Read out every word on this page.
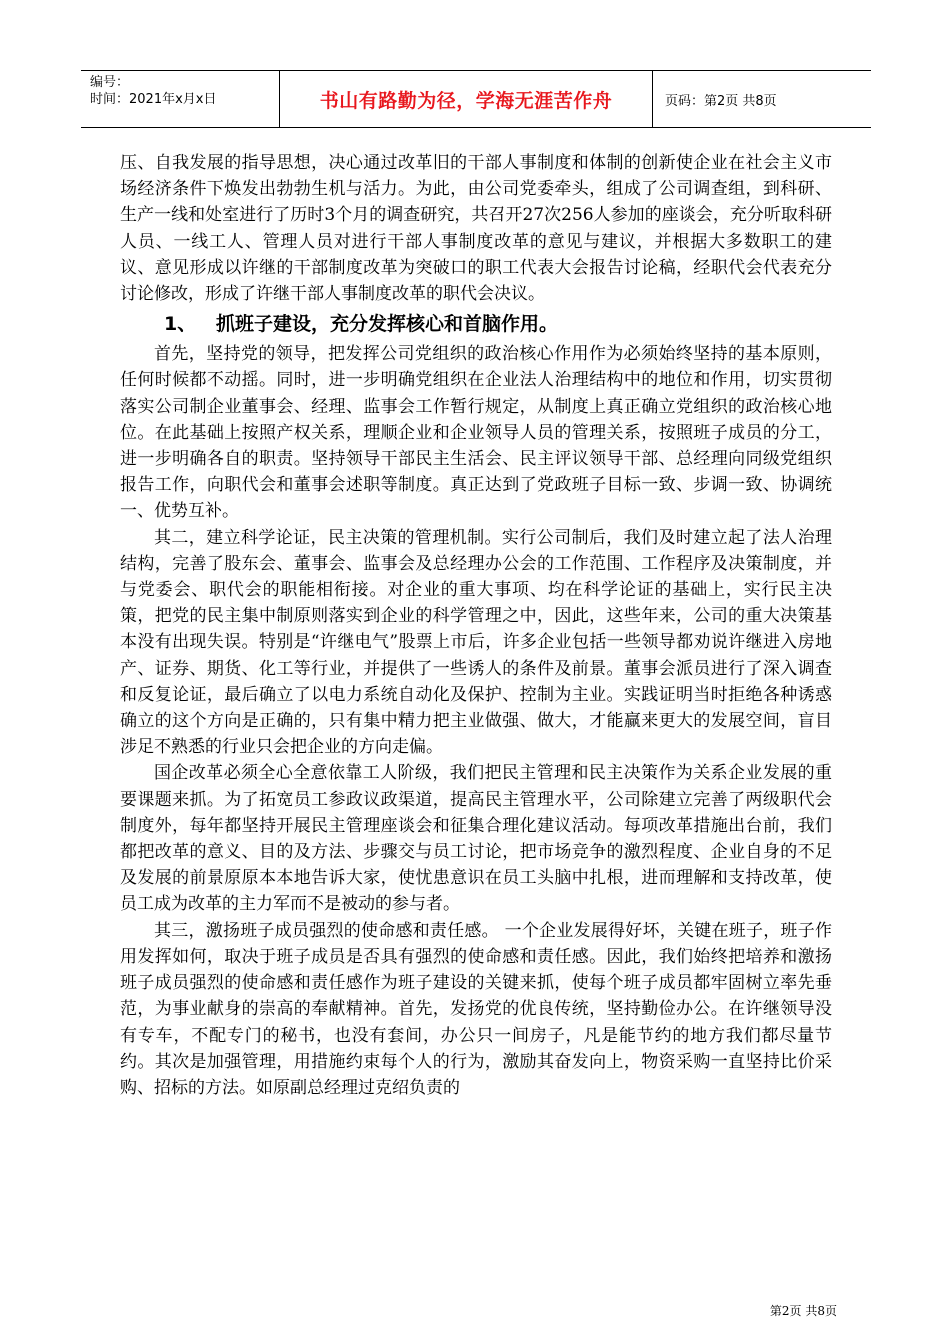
编号：
时间：2021年x月x日	书山有路勤为径，学海无涯苦作舟	页码：第2页 共8页

压、自我发展的指导思想，决心通过改革旧的干部人事制度和体制的创新使企业在社会主义市场经济条件下焕发出勃勃生机与活力。为此，由公司党委牵头，组成了公司调查组，到科研、生产一线和处室进行了历时3个月的调查研究，共召开27次256人参加的座谈会，充分听取科研人员、一线工人、管理人员对进行干部人事制度改革的意见与建议，并根据大多数职工的建议、意见形成以许继的干部制度改革为突破口的职工代表大会报告讨论稿，经职代会代表充分讨论修改，形成了许继干部人事制度改革的职代会决议。

1、 抓班子建设，充分发挥核心和首脑作用。

首先，坚持党的领导，把发挥公司党组织的政治核心作用作为必须始终坚持的基本原则，任何时候都不动摇。同时，进一步明确党组织在企业法人治理结构中的地位和作用，切实贯彻落实公司制企业董事会、经理、监事会工作暂行规定，从制度上真正确立党组织的政治核心地位。在此基础上按照产权关系，理顺企业和企业领导人员的管理关系，按照班子成员的分工，进一步明确各自的职责。坚持领导干部民主生活会、民主评议领导干部、总经理向同级党组织报告工作，向职代会和董事会述职等制度。真正达到了党政班子目标一致、步调一致、协调统一、优势互补。

其二，建立科学论证，民主决策的管理机制。实行公司制后，我们及时建立起了法人治理结构，完善了股东会、董事会、监事会及总经理办公会的工作范围、工作程序及决策制度，并与党委会、职代会的职能相衔接。对企业的重大事项、均在科学论证的基础上，实行民主决策，把党的民主集中制原则落实到企业的科学管理之中，因此，这些年来，公司的重大决策基本没有出现失误。特别是“许继电气”股票上市后，许多企业包括一些领导都劝说许继进入房地产、证券、期货、化工等行业，并提供了一些诱人的条件及前景。董事会派员进行了深入调查和反复论证，最后确立了以电力系统自动化及保护、控制为主业。实践证明当时拒绝各种诱惑确立的这个方向是正确的，只有集中精力把主业做强、做大，才能赢来更大的发展空间，盲目涉足不熟悉的行业只会把企业的方向走偏。

国企改革必须全心全意依靠工人阶级，我们把民主管理和民主决策作为关系企业发展的重要课题来抓。为了拓宽员工参政议政渠道，提高民主管理水平，公司除建立完善了两级职代会制度外，每年都坚持开展民主管理座谈会和征集合理化建议活动。每项改革措施出台前，我们都把改革的意义、目的及方法、步骤交与员工讨论，把市场竞争的激烈程度、企业自身的不足及发展的前景原原本本地告诉大家，使忧患意识在员工头脑中扎根，进而理解和支持改革，使员工成为改革的主力军而不是被动的参与者。

其三，激扬班子成员强烈的使命感和责任感。 一个企业发展得好坏，关键在班子，班子作用发挥如何，取决于班子成员是否具有强烈的使命感和责任感。因此，我们始终把培养和激扬班子成员强烈的使命感和责任感作为班子建设的关键来抓，使每个班子成员都牢固树立率先垂范，为事业献身的崇高的奉献精神。首先，发扬党的优良传统，坚持勤俭办公。在许继领导没有专车，不配专门的秘书，也没有套间，办公只一间房子，凡是能节约的地方我们都尽量节约。其次是加强管理，用措施约束每个人的行为，激励其奋发向上，物资采购一直坚持比价采购、招标的方法。如原副总经理过克绍负责的

第2页 共8页
